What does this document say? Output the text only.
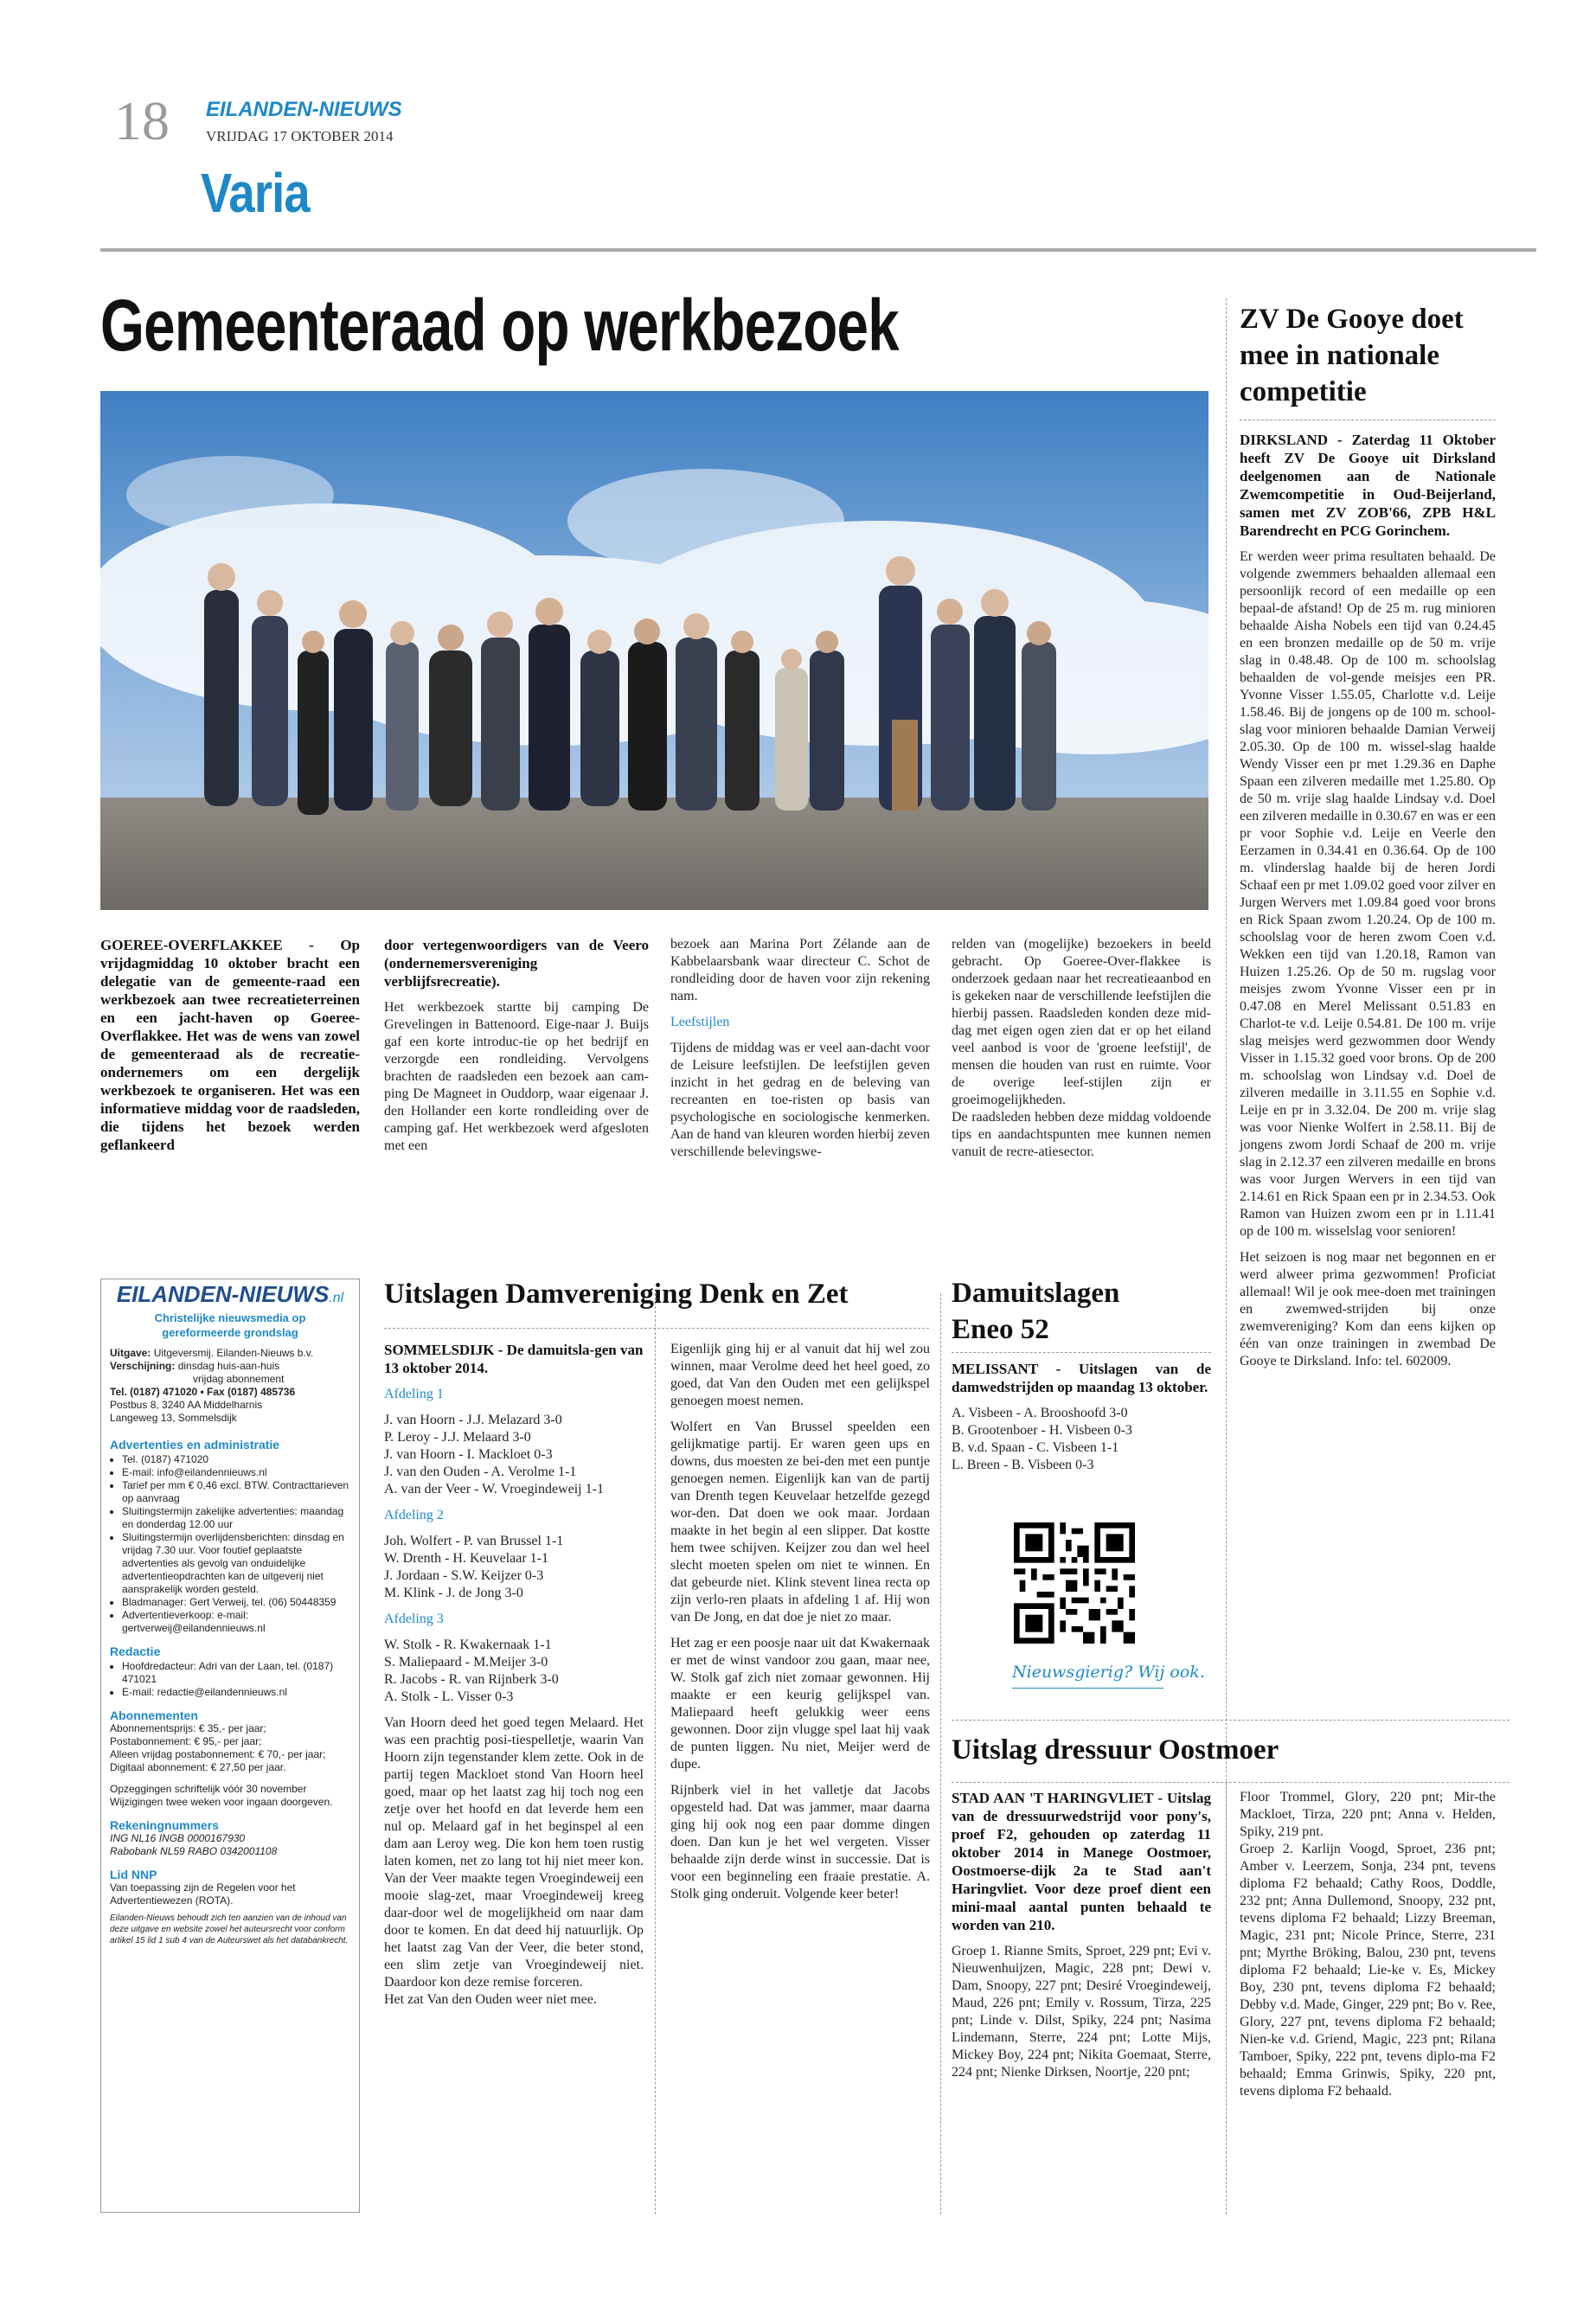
18 EILANDEN-NIEUWS
VRIJDAG 17 OKTOBER 2014
Varia
Gemeenteraad op werkbezoek

GOEREE-OVERFLAKKEE - Op vrijdagmiddag 10 oktober bracht een delegatie van de gemeente-raad een werkbezoek aan twee recreatieterreinen en een jacht-haven op Goeree-Overflakkee. Het was de wens van zowel de gemeenteraad als de recreatie-ondernemers om een dergelijk werkbezoek te organiseren. Het was een informatieve middag voor de raadsleden, die tijdens het bezoek werden geflankeerd

door vertegenwoordigers van de Veero (ondernemersvereniging verblijfsrecreatie).

Het werkbezoek startte bij camping De Grevelingen in Battenoord. Eige-naar J. Buijs gaf een korte introduc-tie op het bedrijf en verzorgde een rondleiding. Vervolgens brachten de raadsleden een bezoek aan cam-ping De Magneet in Ouddorp, waar eigenaar J. den Hollander een korte rondleiding over de camping gaf. Het werkbezoek werd afgesloten met een

bezoek aan Marina Port Zélande aan de Kabbelaarsbank waar directeur C. Schot de rondleiding door de haven voor zijn rekening nam.

Leefstijlen

Tijdens de middag was er veel aan-dacht voor de Leisure leefstijlen. De leefstijlen geven inzicht in het gedrag en de beleving van recreanten en toe-risten op basis van psychologische en sociologische kenmerken. Aan de hand van kleuren worden hierbij zeven verschillende belevingswe-

relden van (mogelijke) bezoekers in beeld gebracht. Op Goeree-Over-flakkee is onderzoek gedaan naar het recreatieaanbod en is gekeken naar de verschillende leefstijlen die hierbij passen. Raadsleden konden deze mid-dag met eigen ogen zien dat er op het eiland veel aanbod is voor de 'groene leefstijl', de mensen die houden van rust en ruimte. Voor de overige leef-stijlen zijn er groeimogelijkheden.

De raadsleden hebben deze middag voldoende tips en aandachtspunten mee kunnen nemen vanuit de recre-atiesector.

ZV De Gooye doet mee in nationale competitie

DIRKSLAND - Zaterdag 11 Oktober heeft ZV De Gooye uit Dirksland deelgenomen aan de Nationale Zwemcompetitie in Oud-Beijerland, samen met ZV ZOB'66, ZPB H&L Barendrecht en PCG Gorinchem.

Er werden weer prima resultaten behaald. De volgende zwemmers behaalden allemaal een persoonlijk record of een medaille op een bepaal-de afstand! Op de 25 m. rug minioren behaalde Aisha Nobels een tijd van 0.24.45 en een bronzen medaille op de 50 m. vrije slag in 0.48.48. Op de 100 m. schoolslag behaalden de vol-gende meisjes een PR. Yvonne Visser 1.55.05, Charlotte v.d. Leije 1.58.46. Bij de jongens op de 100 m. school-slag voor minioren behaalde Damian Verweij 2.05.30. Op de 100 m. wissel-slag haalde Wendy Visser een pr met 1.29.36 en Daphe Spaan een zilveren medaille met 1.25.80. Op de 50 m. vrije slag haalde Lindsay v.d. Doel een zilveren medaille in 0.30.67 en was er een pr voor Sophie v.d. Leije en Veerle den Eerzamen in 0.34.41 en 0.36.64. Op de 100 m. vlinderslag haalde bij de heren Jordi Schaaf een pr met 1.09.02 goed voor zilver en Jurgen Wervers met 1.09.84 goed voor brons en Rick Spaan zwom 1.20.24. Op de 100 m. schoolslag voor de heren zwom Coen v.d. Wekken een tijd van 1.20.18, Ramon van Huizen 1.25.26. Op de 50 m. rugslag voor meisjes zwom Yvonne Visser een pr in 0.47.08 en Merel Melissant 0.51.83 en Charlot-te v.d. Leije 0.54.81. De 100 m. vrije slag meisjes werd gezwommen door Wendy Visser in 1.15.32 goed voor brons. Op de 200 m. schoolslag won Lindsay v.d. Doel de zilveren medaille in 3.11.55 en Sophie v.d. Leije en pr in 3.32.04. De 200 m. vrije slag was voor Nienke Wolfert in 2.58.11. Bij de jongens zwom Jordi Schaaf de 200 m. vrije slag in 2.12.37 een zilveren medaille en brons was voor Jurgen Wervers in een tijd van 2.14.61 en Rick Spaan een pr in 2.34.53. Ook Ramon van Huizen zwom een pr in 1.11.41 op de 100 m. wisselslag voor senioren!

Het seizoen is nog maar net begonnen en er werd alweer prima gezwommen! Proficiat allemaal! Wil je ook mee-doen met trainingen en zwemwed-strijden bij onze zwemvereniging? Kom dan eens kijken op één van onze trainingen in zwembad De Gooye te Dirksland. Info: tel. 602009.

EILANDEN-NIEUWS.nl
Christelijke nieuwsmedia op gereformeerde grondslag
Uitgave: Uitgeversmij. Eilanden-Nieuws b.v.
Verschijning: dinsdag huis-aan-huis
vrijdag abonnement
Tel. (0187) 471020 • Fax (0187) 485736
Postbus 8, 3240 AA Middelharnis
Langeweg 13, Sommelsdijk
Advertenties en administratie
• Tel. (0187) 471020
• E-mail: info@eilandennieuws.nl
• Tarief per mm € 0,46 excl. BTW. Contracttarieven op aanvraag
• Sluitingstermijn zakelijke advertenties: maandag en donderdag 12.00 uur
• Sluitingstermijn overlijdensberichten: dinsdag en vrijdag 7.30 uur. Voor foutief geplaatste advertenties als gevolg van onduidelijke advertentieopdrachten kan de uitgeverij niet aansprakelijk worden gesteld.
• Bladmanager: Gert Verweij, tel. (06) 50448359
• Advertentieverkoop: e-mail: gertverweij@eilandennieuws.nl
Redactie
• Hoofdredacteur: Adri van der Laan, tel. (0187) 471021
• E-mail: redactie@eilandennieuws.nl
Abonnementen
Abonnementsprijs: € 35,- per jaar;
Postabonnement: € 95,- per jaar;
Alleen vrijdag postabonnement: € 70,- per jaar;
Digitaal abonnement: € 27,50 per jaar.
Opzeggingen schriftelijk vóór 30 november Wijzigingen twee weken voor ingaan doorgeven.
Rekeningnummers
ING NL16 INGB 0000167930
Rabobank NL59 RABO 0342001108
Lid NNP
Van toepassing zijn de Regelen voor het Advertentiewezen (ROTA).
Eilanden-Nieuws behoudt zich ten aanzien van de inhoud van deze uitgave en website zowel het auteursrecht voor conform artikel 15 lid 1 sub 4 van de Auteurswet als het databankrecht.
Uitslagen Damvereniging Denk en Zet

SOMMELSDIJK - De damuitsla-gen van 13 oktober 2014.

Afdeling 1

J. van Hoorn - J.J. Melazard 3-0
P. Leroy - J.J. Melaard 3-0
J. van Hoorn - I. Mackloet 0-3
J. van den Ouden - A. Verolme 1-1
A. van der Veer - W. Vroegindeweij 1-1

Afdeling 2

Joh. Wolfert - P. van Brussel 1-1
W. Drenth - H. Keuvelaar 1-1
J. Jordaan - S.W. Keijzer 0-3
M. Klink - J. de Jong 3-0

Afdeling 3

W. Stolk - R. Kwakernaak 1-1
S. Maliepaard - M.Meijer 3-0
R. Jacobs - R. van Rijnberk 3-0
A. Stolk - L. Visser 0-3

Van Hoorn deed het goed tegen Melaard. Het was een prachtig posi-tiespelletje, waarin Van Hoorn zijn tegenstander klem zette. Ook in de partij tegen Mackloet stond Van Hoorn heel goed, maar op het laatst zag hij toch nog een zetje over het hoofd en dat leverde hem een nul op. Melaard gaf in het beginspel al een dam aan Leroy weg. Die kon hem toen rustig laten komen, net zo lang tot hij niet meer kon. Van der Veer maakte tegen Vroegindeweij een mooie slag-zet, maar Vroegindeweij kreeg daar-door wel de mogelijkheid om naar dam door te komen. En dat deed hij natuurlijk. Op het laatst zag Van der Veer, die beter stond, een slim zetje van Vroegindeweij niet. Daardoor kon deze remise forceren.

Het zat Van den Ouden weer niet mee.

Eigenlijk ging hij er al vanuit dat hij wel zou winnen, maar Verolme deed het heel goed, zo goed, dat Van den Ouden met een gelijkspel genoegen moest nemen.

Wolfert en Van Brussel speelden een gelijkmatige partij. Er waren geen ups en downs, dus moesten ze bei-den met een puntje genoegen nemen. Eigenlijk kan van de partij van Drenth tegen Keuvelaar hetzelfde gezegd wor-den. Dat doen we ook maar. Jordaan maakte in het begin al een slipper. Dat kostte hem twee schijven. Keijzer zou dan wel heel slecht moeten spelen om niet te winnen. En dat gebeurde niet. Klink stevent linea recta op zijn verlo-ren plaats in afdeling 1 af. Hij won van De Jong, en dat doe je niet zo maar.

Het zag er een poosje naar uit dat Kwakernaak er met de winst vandoor zou gaan, maar nee, W. Stolk gaf zich niet zomaar gewonnen. Hij maakte er een keurig gelijkspel van. Maliepaard heeft gelukkig weer eens gewonnen. Door zijn vlugge spel laat hij vaak de punten liggen. Nu niet, Meijer werd de dupe.

Rijnberk viel in het valletje dat Jacobs opgesteld had. Dat was jammer, maar daarna ging hij ook nog een paar domme dingen doen. Dan kun je het wel vergeten. Visser behaalde zijn derde winst in successie. Dat is voor een beginneling een fraaie prestatie. A. Stolk ging onderuit. Volgende keer beter!

Damuitslagen Eneo 52

MELISSANT - Uitslagen van de damwedstrijden op maandag 13 oktober.

A. Visbeen - A. Brooshoofd 3-0
B. Grootenboer - H. Visbeen 0-3
B. v.d. Spaan - C. Visbeen 1-1
L. Breen - B. Visbeen 0-3
Nieuwsgierig? Wij ook.
Uitslag dressuur Oostmoer

STAD AAN 'T HARINGVLIET - Uitslag van de dressuurwedstrijd voor pony's, proef F2, gehouden op zaterdag 11 oktober 2014 in Manege Oostmoer, Oostmoerse-dijk 2a te Stad aan't Haringvliet. Voor deze proef dient een mini-maal aantal punten behaald te worden van 210.

Groep 1. Rianne Smits, Sproet, 229 pnt; Evi v. Nieuwenhuijzen, Magic, 228 pnt; Dewi v. Dam, Snoopy, 227 pnt; Desiré Vroegindeweij, Maud, 226 pnt; Emily v. Rossum, Tirza, 225 pnt; Linde v. Dilst, Spiky, 224 pnt; Nasima Lindemann, Sterre, 224 pnt; Lotte Mijs, Mickey Boy, 224 pnt; Nikita Goemaat, Sterre, 224 pnt; Nienke Dirksen, Noortje, 220 pnt;

Floor Trommel, Glory, 220 pnt; Mir-the Mackloet, Tirza, 220 pnt; Anna v. Helden, Spiky, 219 pnt.

Groep 2. Karlijn Voogd, Sproet, 236 pnt; Amber v. Leerzem, Sonja, 234 pnt, tevens diploma F2 behaald; Cathy Roos, Doddle, 232 pnt; Anna Dullemond, Snoopy, 232 pnt, tevens diploma F2 behaald; Lizzy Breeman, Magic, 231 pnt; Nicole Prince, Sterre, 231 pnt; Myrthe Bröking, Balou, 230 pnt, tevens diploma F2 behaald; Lie-ke v. Es, Mickey Boy, 230 pnt, tevens diploma F2 behaald; Debby v.d. Made, Ginger, 229 pnt; Bo v. Ree, Glory, 227 pnt, tevens diploma F2 behaald; Nien-ke v.d. Griend, Magic, 223 pnt; Rilana Tamboer, Spiky, 222 pnt, tevens diplo-ma F2 behaald; Emma Grinwis, Spiky, 220 pnt, tevens diploma F2 behaald.
